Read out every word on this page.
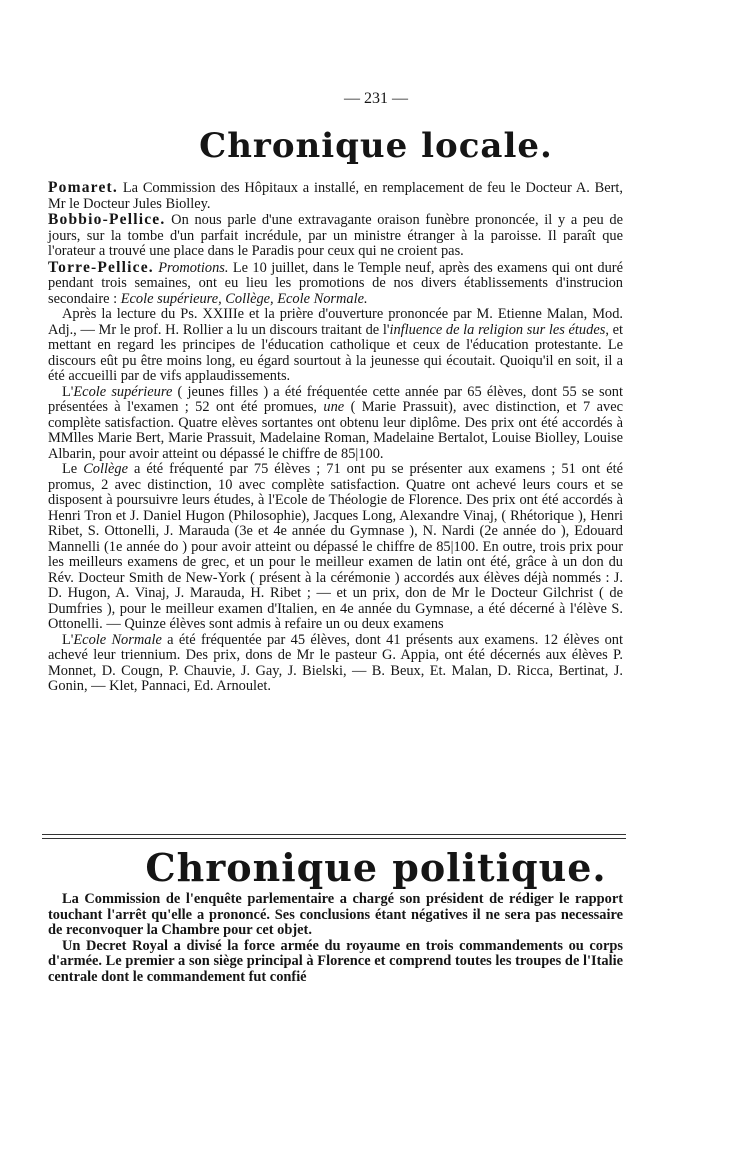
— 231 —
Chronique locale.

Pomaret. La Commission des Hôpitaux a installé, en remplacement de feu le Docteur A. Bert, Mr le Docteur Jules Biolley.

Bobbio-Pellice. On nous parle d'une extravagante oraison funèbre prononcée, il y a peu de jours, sur la tombe d'un parfait incrédule, par un ministre étranger à la paroisse. Il paraît que l'orateur a trouvé une place dans le Paradis pour ceux qui ne croient pas.

Torre-Pellice. Promotions. Le 10 juillet, dans le Temple neuf, après des examens qui ont duré pendant trois semaines, ont eu lieu les promotions de nos divers établissements d'instrucion secondaire : Ecole supérieure, Collège, Ecole Normale.

Après la lecture du Ps. XXIIIe et la prière d'ouverture prononcée par M. Etienne Malan, Mod. Adj., — Mr le prof. H. Rollier a lu un discours traitant de l'influence de la religion sur les études, et mettant en regard les principes de l'éducation catholique et ceux de l'éducation protestante. Le discours eût pu être moins long, eu égard sourtout à la jeunesse qui écoutait. Quoiqu'il en soit, il a été accueilli par de vifs applaudissements.

L'Ecole supérieure ( jeunes filles ) a été fréquentée cette année par 65 élèves, dont 55 se sont présentées à l'examen ; 52 ont été promues, une ( Marie Prassuit), avec distinction, et 7 avec complète satisfaction. Quatre elèves sortantes ont obtenu leur diplôme. Des prix ont été accordés à MMlles Marie Bert, Marie Prassuit, Madelaine Roman, Madelaine Bertalot, Louise Biolley, Louise Albarin, pour avoir atteint ou dépassé le chiffre de 85|100.

Le Collège a été fréquenté par 75 élèves ; 71 ont pu se présenter aux examens ; 51 ont été promus, 2 avec distinction, 10 avec complète satisfaction. Quatre ont achevé leurs cours et se disposent à poursuivre leurs études, à l'Ecole de Théologie de Florence. Des prix ont été accordés à Henri Tron et J. Daniel Hugon (Philosophie), Jacques Long, Alexandre Vinaj, ( Rhétorique ), Henri Ribet, S. Ottonelli, J. Marauda (3e et 4e année du Gymnase ), N. Nardi (2e année do ), Edouard Mannelli (1e année do ) pour avoir atteint ou dépassé le chiffre de 85|100. En outre, trois prix pour les meilleurs examens de grec, et un pour le meilleur examen de latin ont été, grâce à un don du Rév. Docteur Smith de New-York ( présent à la cérémonie ) accordés aux élèves déjà nommés : J. D. Hugon, A. Vinaj, J. Marauda, H. Ribet ; — et un prix, don de Mr le Docteur Gilchrist ( de Dumfries ), pour le meilleur examen d'Italien, en 4e année du Gymnase, a été décerné à l'élève S. Ottonelli. — Quinze élèves sont admis à refaire un ou deux examens

L'Ecole Normale a été fréquentée par 45 élèves, dont 41 présents aux examens. 12 élèves ont achevé leur triennium. Des prix, dons de Mr le pasteur G. Appia, ont été décernés aux élèves P. Monnet, D. Cougn, P. Chauvie, J. Gay, J. Bielski, — B. Beux, Et. Malan, D. Ricca, Bertinat, J. Gonin, — Klet, Pannaci, Ed. Arnoulet.

Chronique politique.

La Commission de l'enquête parlementaire a chargé son président de rédiger le rapport touchant l'arrêt qu'elle a prononcé. Ses conclusions étant négatives il ne sera pas necessaire de reconvoquer la Chambre pour cet objet.

Un Decret Royal a divisé la force armée du royaume en trois commandements ou corps d'armée. Le premier a son siège principal à Florence et comprend toutes les troupes de l'Italie centrale dont le commandement fut confié
